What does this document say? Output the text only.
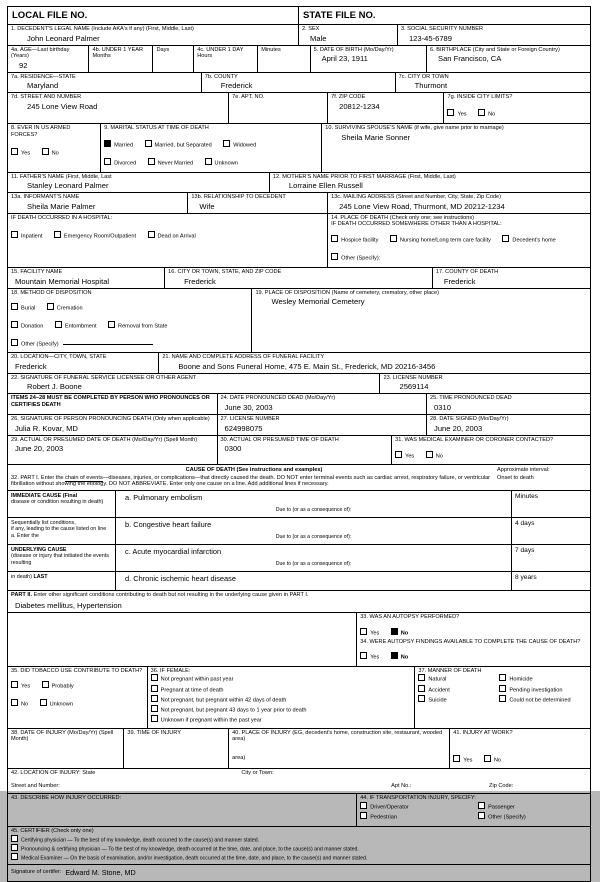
LOCAL FILE NO.	STATE FILE NO.
1. DECEDENT'S LEGAL NAME (Include AKA's if any) (First, Middle, Last)
John Leonard Palmer
2. SEX
Male
3. SOCIAL SECURITY NUMBER
123-45-6789
4a. AGE—Last birthday (Years)
92
4b. UNDER 1 YEAR Months
Days	4c. UNDER 1 DAY Hours
Minutes	5. DATE OF BIRTH (Mo/Day/Yr)
April 23, 1911
6. BIRTHPLACE (City and State or Foreign Country)
San Francisco, CA
7a. RESIDENCE—STATE
Maryland
7b. COUNTY
Frederick
7c. CITY OR TOWN
Thurmont
7d. STREET AND NUMBER
245 Lone View Road
7e. APT. NO.	7f. ZIP CODE
20812-1234
7g. INSIDE CITY LIMITS?
Yes	No
8. EVER IN US ARMED FORCES?
Yes	No
9. MARITAL STATUS AT TIME OF DEATH
Married	Married, but Separated	Widowed
Divorced	Never Married	Unknown
10. SURVIVING SPOUSE'S NAME (if wife, give name prior to marriage)
Sheila Marie Sonner
11. FATHER'S NAME (First, Middle, Last
Stanley Leonard Palmer
12. MOTHER'S NAME PRIOR TO FIRST MARRIAGE (First, Middle, Last)
Lorraine Ellen Russell
13a. INFORMANT'S NAME
Sheila Marie Palmer
13b. RELATIONSHIP TO DECEDENT
Wife
13c. MAILING ADDRESS (Street and Number, City, State, Zip Code)
245 Lone View Road, Thurmont, MD 20212-1234
IF DEATH OCCURRED IN A HOSPITAL:
Inpatient	Emergency Room/Outpatient	Dead on Arrival
14. PLACE OF DEATH (Check only one; see instructions)
IF DEATH OCCURRED SOMEWHERE OTHER THAN A HOSPITAL:
Hospice facility	Nursing home/Long term care facility	Decedent's home Other (Specify):
15. FACILITY NAME
Mountain Memorial Hospital
16. CITY OR TOWN, STATE, AND ZIP CODE
Frederick
17. COUNTY OF DEATH
Frederick
18. METHOD OF DISPOSITION
Burial	Cremation
Donation	Entombment	Removal from State
Other (Specify)
19. PLACE OF DISPOSITION (Name of cemetery, crematory, other place)
Wesley Memorial Cemetery
20. LOCATION—CITY, TOWN, STATE
Frederick
21. NAME AND COMPLETE ADDRESS OF FUNERAL FACILITY
Boone and Sons Funeral Home, 475 E. Main St., Frederick, MD 20216-3456
22. SIGNATURE OF FUNERAL SERVICE LICENSEE OR OTHER AGENT
Robert J. Boone
23. LICENSE NUMBER
2569114
ITEMS 24–28 MUST BE COMPLETED BY PERSON WHO PRONOUNCES OR CERTIFIES DEATH
24. DATE PRONOUNCED DEAD (Mo/Day/Yr)
June 30, 2003
25. TIME PRONOUNCED DEAD
0310
26. SIGNATURE OF PERSON PRONOUNCING DEATH (Only when applicable)
Julia R. Kovar, MD
27. LICENSE NUMBER
624998075
28. DATE SIGNED (Mo/Day/Yr)
June 20, 2003
29. ACTUAL OR PRESUMED DATE OF DEATH (Mo/Day/Yr) (Spell Month)
June 20, 2003
30. ACTUAL OR PRESUMED TIME OF DEATH
0300
31. WAS MEDICAL EXAMINER OR CORONER CONTACTED?
Yes	No
CAUSE OF DEATH (See instructions and examples)	Approximate interval:
32. PART I. Enter the chain of events—diseases, injuries, or complications—that directly caused the death. DO NOT enter terminal events such as cardiac arrest, respiratory failure, or ventricular fibrillation without showing the etiology. DO NOT ABBREVIATE. Enter only one cause on a line. Add additional lines if necessary.
Onset to death
IMMEDIATE CAUSE (Final
disease or condition resulting in death)
a. Pulmonary embolism
Due to (or as a consequence of):
Minutes
Sequentially list conditions,
if any, leading to the cause listed on line a. Enter the
b. Congestive heart failure
Due to (or as a consequence of):
4 days
UNDERLYING CAUSE
(disease or injury that initiated the events resulting
c. Acute myocardial infarction
Due to (or as a consequence of):
7 days
in death) LAST	d. Chronic ischemic heart disease	8 years
PART II. Enter other significant conditions contributing to death but not resulting in the underlying cause given in PART I.
Diabetes mellitus, Hypertension

33. WAS AN AUTOPSY PERFORMED?
Yes	No
34. WERE AUTOPSY FINDINGS AVAILABLE TO COMPLETE THE CAUSE OF DEATH?
Yes	No
35. DID TOBACCO USE CONTRIBUTE TO DEATH?
Yes	Probably
No	Unknown
36. IF FEMALE:
Not pregnant within past year
Pregnant at time of death
Not pregnant, but pregnant within 42 days of death
Not pregnant, but pregnant 43 days to 1 year prior to death
Unknown if pregnant within the past year
37. MANNER OF DEATH
Natural
Accident
Suicide
Homicide
Pending investigation
Could not be determined
38. DATE OF INJURY (Mo/Day/Yr) (Spell Month)
39. TIME OF INJURY	40. PLACE OF INJURY (EG, decedent's home, construction site, restaurant, wooded area)
area)
41. INJURY AT WORK?
Yes	No
42. LOCATION OF INJURY: State	City or Town:
Street and Number:	Apt No.:	Zip Code:
43. DESCRIBE HOW INJURY OCCURRED:	44. IF TRANSPORTATION INJURY, SPECIFY:
Driver/Operator
Pedestrian
Passenger
Other (Specify)
45. CERTIFIER (Check only one)
Certifying physician — To the best of my knowledge, death occurred to the cause(s) and manner stated.
Pronouncing & certifying physician — To the best of my knowledge, death occurred at the time, date, and place, to the cause(s) and manner stated.
Medical Examiner — On the basis of examination, and/or investigation, death occurred at the time, date, and place, to the cause(s) and manner stated.
Signature of certifer: Edward M. Stone, MD
